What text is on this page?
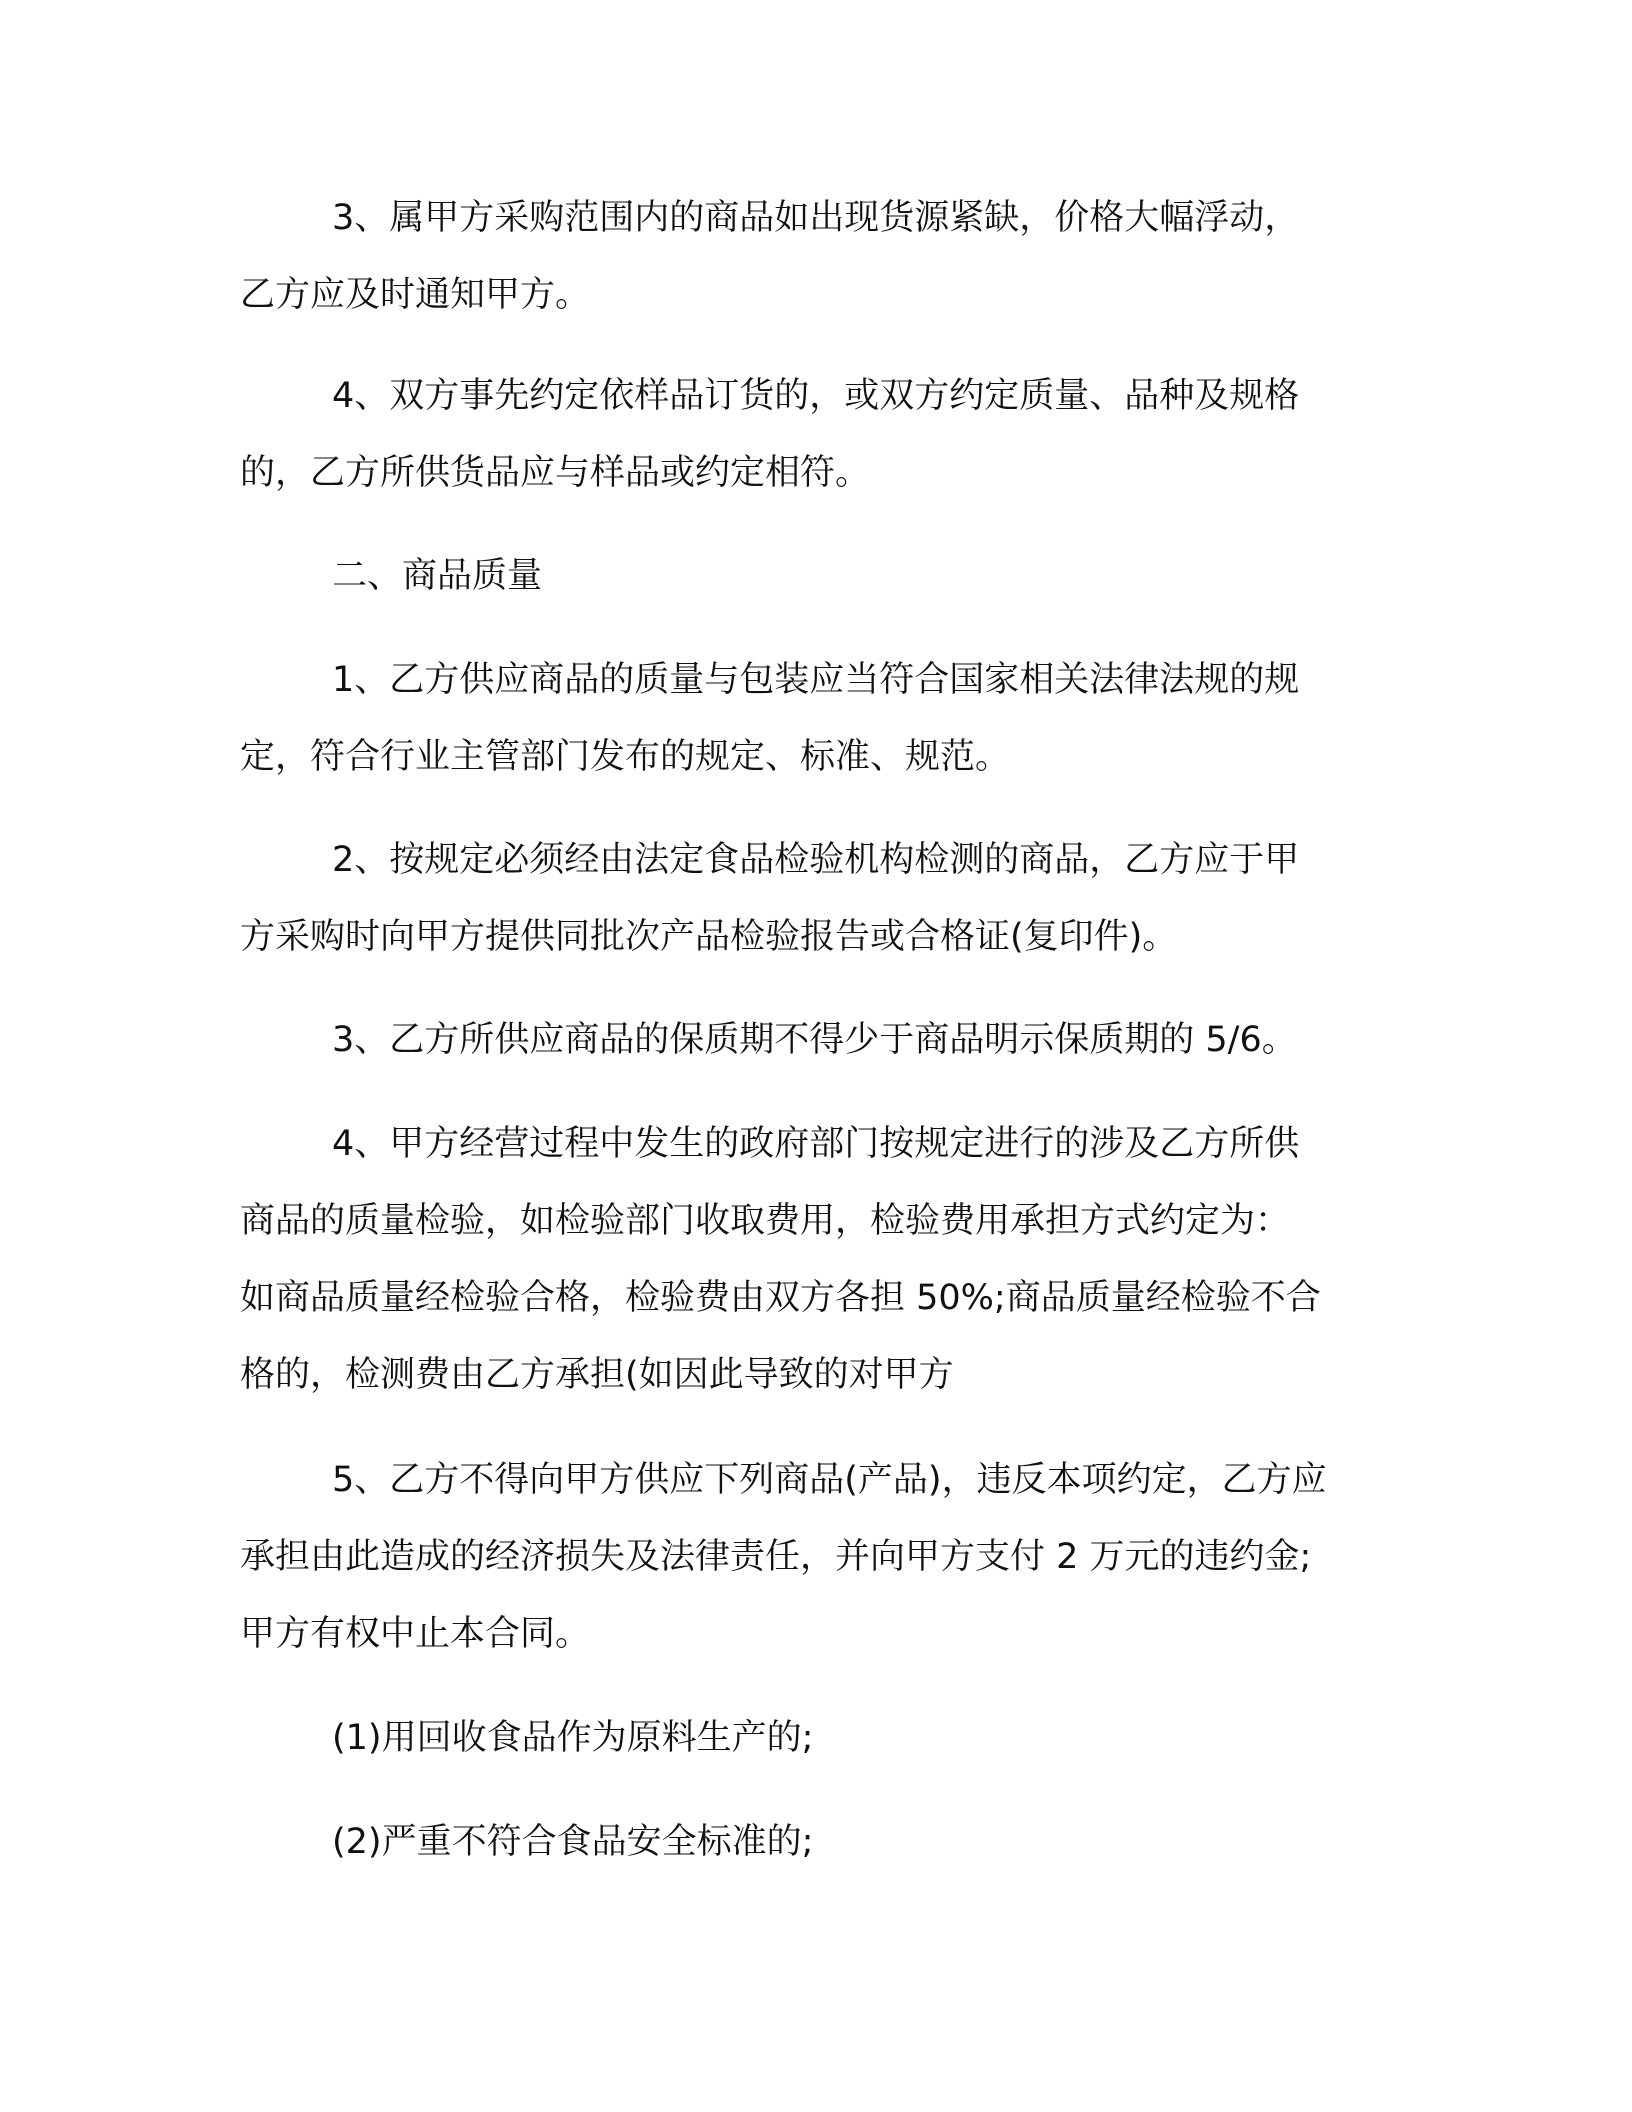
3、属甲方采购范围内的商品如出现货源紧缺，价格大幅浮动，
乙方应及时通知甲方。

4、双方事先约定依样品订货的，或双方约定质量、品种及规格
的，乙方所供货品应与样品或约定相符。

二、商品质量

1、乙方供应商品的质量与包装应当符合国家相关法律法规的规
定，符合行业主管部门发布的规定、标准、规范。

2、按规定必须经由法定食品检验机构检测的商品，乙方应于甲
方采购时向甲方提供同批次产品检验报告或合格证(复印件)。

3、乙方所供应商品的保质期不得少于商品明示保质期的 5/6。

4、甲方经营过程中发生的政府部门按规定进行的涉及乙方所供
商品的质量检验，如检验部门收取费用，检验费用承担方式约定为：
如商品质量经检验合格，检验费由双方各担 50%;商品质量经检验不合
格的，检测费由乙方承担(如因此导致的对甲方

5、乙方不得向甲方供应下列商品(产品)，违反本项约定，乙方应
承担由此造成的经济损失及法律责任，并向甲方支付 2 万元的违约金;
甲方有权中止本合同。

(1)用回收食品作为原料生产的;

(2)严重不符合食品安全标准的;
